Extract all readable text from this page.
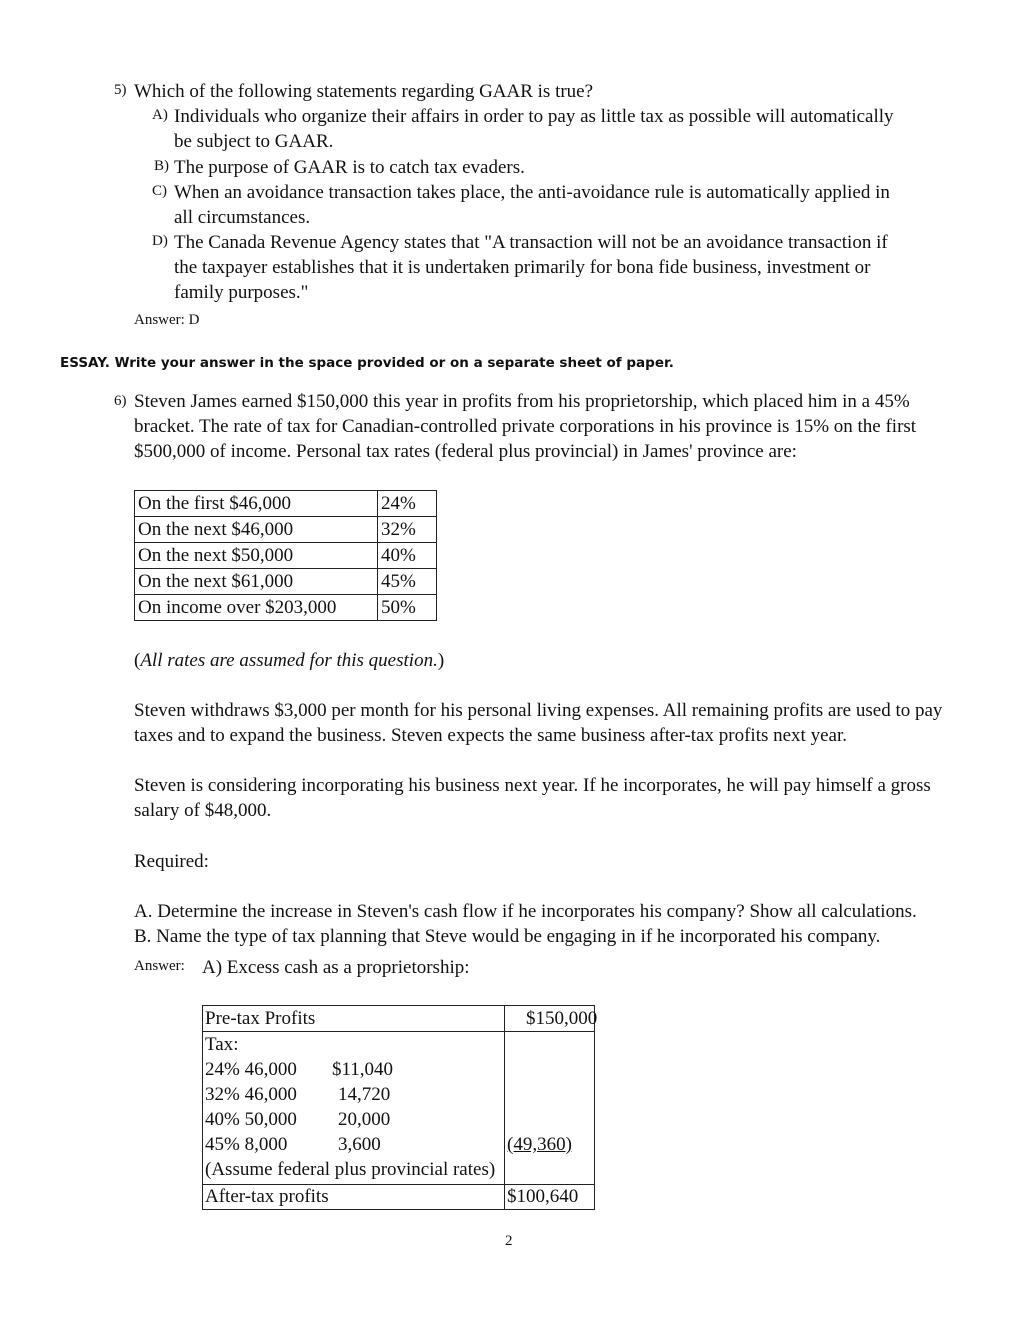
5) Which of the following statements regarding GAAR is true?
A) Individuals who organize their affairs in order to pay as little tax as possible will automatically
be subject to GAAR.
B) The purpose of GAAR is to catch tax evaders.
C) When an avoidance transaction takes place, the anti-avoidance rule is automatically applied in
all circumstances.
D) The Canada Revenue Agency states that "A transaction will not be an avoidance transaction if
the taxpayer establishes that it is undertaken primarily for bona fide business, investment or
family purposes."
Answer: D
ESSAY. Write your answer in the space provided or on a separate sheet of paper.
6) Steven James earned $150,000 this year in profits from his proprietorship, which placed him in a 45%
bracket. The rate of tax for Canadian-controlled private corporations in his province is 15% on the first
$500,000 of income. Personal tax rates (federal plus provincial) in James' province are:
On the first $46,000	24%
On the next $46,000	32%
On the next $50,000	40%
On the next $61,000	45%
On income over $203,000	50%
(All rates are assumed for this question.)
Steven withdraws $3,000 per month for his personal living expenses. All remaining profits are used to pay
taxes and to expand the business. Steven expects the same business after-tax profits next year.
Steven is considering incorporating his business next year. If he incorporates, he will pay himself a gross
salary of $48,000.
Required:
A. Determine the increase in Steven's cash flow if he incorporates his company? Show all calculations.
B. Name the type of tax planning that Steve would be engaging in if he incorporated his company.
Answer: A) Excess cash as a proprietorship:
Pre-tax Profits	$150,000
Tax:
24% 46,000 $11,040
32% 46,000 14,720
40% 50,000 20,000
45% 8,000	3,600	(49,360)
(Assume federal plus provincial rates)
After-tax profits	$100,640
2
